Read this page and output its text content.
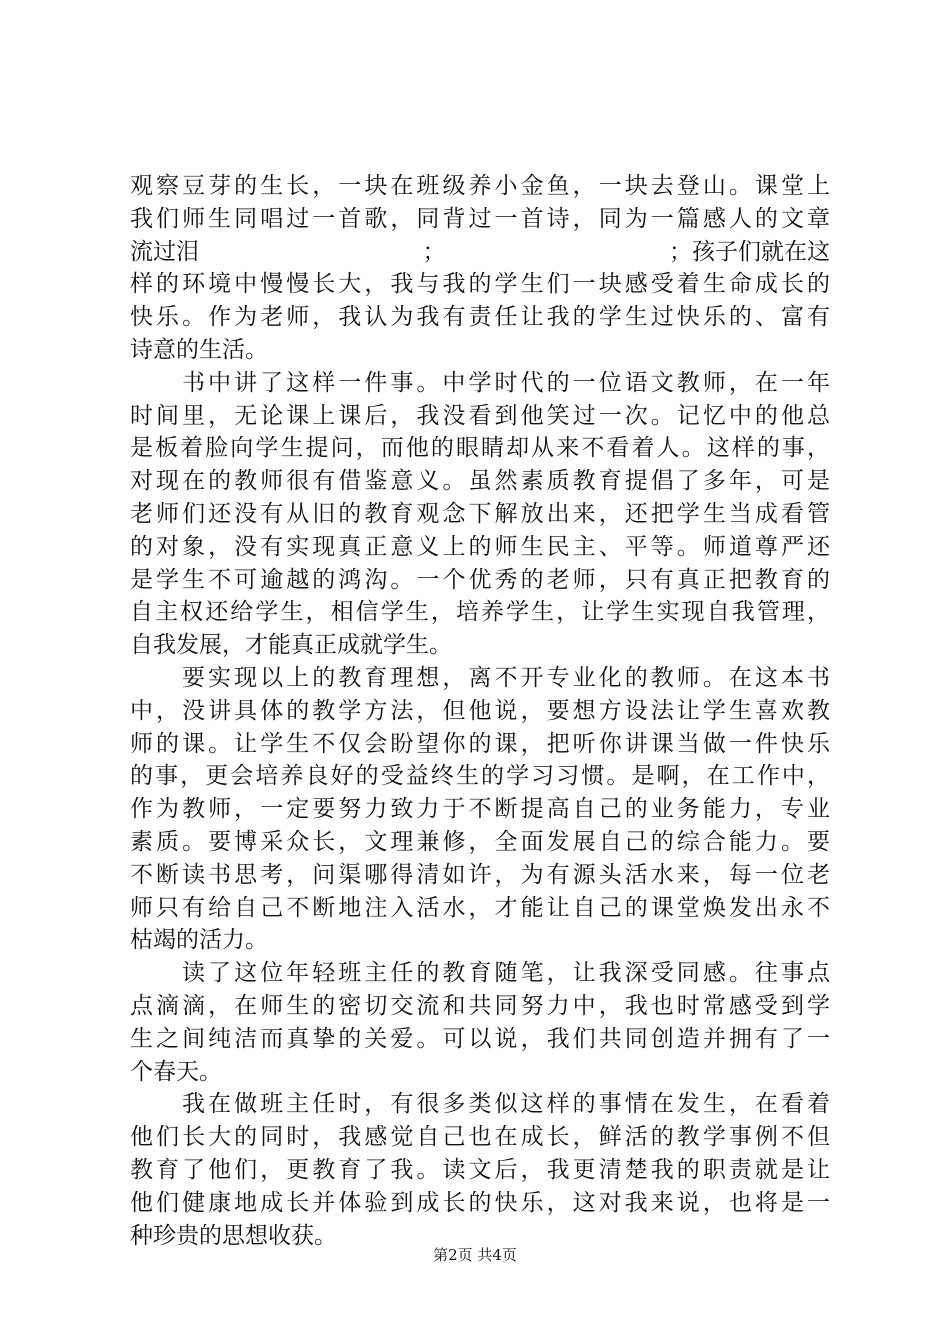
观察豆芽的生长，一块在班级养小金鱼，一块去登山。课堂上
我们师生同唱过一首歌，同背过一首诗，同为一篇感人的文章
流过泪	；	；孩子们就在这
样的环境中慢慢长大，我与我的学生们一块感受着生命成长的
快乐。作为老师，我认为我有责任让我的学生过快乐的、富有
诗意的生活。
书中讲了这样一件事。中学时代的一位语文教师，在一年
时间里，无论课上课后，我没看到他笑过一次。记忆中的他总
是板着脸向学生提问，而他的眼睛却从来不看着人。这样的事，
对现在的教师很有借鉴意义。虽然素质教育提倡了多年，可是
老师们还没有从旧的教育观念下解放出来，还把学生当成看管
的对象，没有实现真正意义上的师生民主、平等。师道尊严还
是学生不可逾越的鸿沟。一个优秀的老师，只有真正把教育的
自主权还给学生，相信学生，培养学生，让学生实现自我管理，
自我发展，才能真正成就学生。
要实现以上的教育理想，离不开专业化的教师。在这本书
中，没讲具体的教学方法，但他说，要想方设法让学生喜欢教
师的课。让学生不仅会盼望你的课，把听你讲课当做一件快乐
的事，更会培养良好的受益终生的学习习惯。是啊，在工作中，
作为教师，一定要努力致力于不断提高自己的业务能力，专业
素质。要博采众长，文理兼修，全面发展自己的综合能力。要
不断读书思考，问渠哪得清如许，为有源头活水来，每一位老
师只有给自己不断地注入活水，才能让自己的课堂焕发出永不
枯竭的活力。
读了这位年轻班主任的教育随笔，让我深受同感。往事点
点滴滴，在师生的密切交流和共同努力中，我也时常感受到学
生之间纯洁而真挚的关爱。可以说，我们共同创造并拥有了一
个春天。
我在做班主任时，有很多类似这样的事情在发生，在看着
他们长大的同时，我感觉自己也在成长，鲜活的教学事例不但
教育了他们，更教育了我。读文后，我更清楚我的职责就是让
他们健康地成长并体验到成长的快乐，这对我来说，也将是一
种珍贵的思想收获。
第2页 共4页
